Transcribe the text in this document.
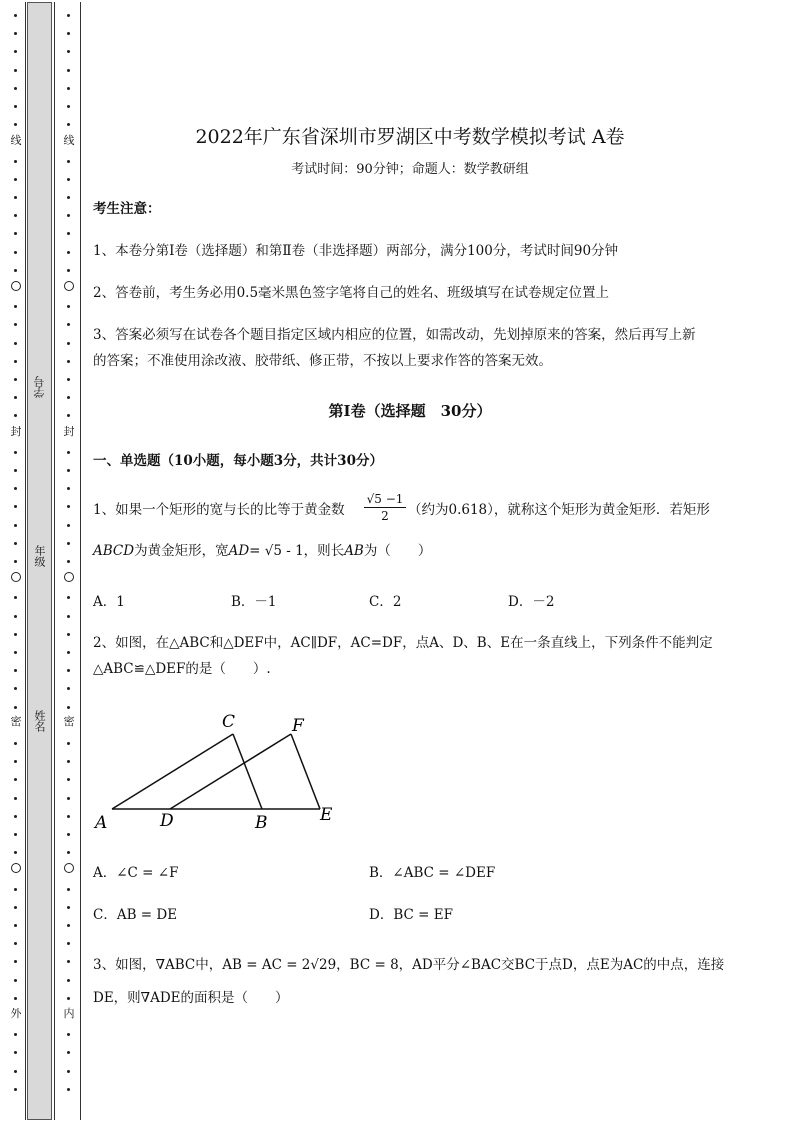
线
封
密
外
线
封
密
内
学号
年级
姓名
2022年广东省深圳市罗湖区中考数学模拟考试 A卷
考试时间：90分钟；命题人：数学教研组
考生注意：
1、本卷分第I卷（选择题）和第Ⅱ卷（非选择题）两部分，满分100分，考试时间90分钟
2、答卷前，考生务必用0.5毫米黑色签字笔将自己的姓名、班级填写在试卷规定位置上
3、答案必须写在试卷各个题目指定区域内相应的位置，如需改动，先划掉原来的答案，然后再写上新
的答案；不准使用涂改液、胶带纸、修正带，不按以上要求作答的答案无效。
第I卷（选择题　30分）
一、单选题（10小题，每小题3分，共计30分）
1、如果一个矩形的宽与长的比等于黄金数 $\frac{√5 -1}{2}$ （约为0.618），就称这个矩形为黄金矩形．若矩形
ABCD为黄金矩形，宽AD= √5 - 1，则长AB为（　　）
A．1	B．－1	C．2	D．－2
2、如图，在△ABC和△DEF中，AC∥DF，AC=DF，点A、D、B、E在一条直线上，下列条件不能判定
△ABC≌△DEF的是（　　）.
C	F
A	D	B	E
A．∠C = ∠F	B．∠ABC = ∠DEF
C．AB = DE	D．BC = EF
3、如图，∇ABC中，AB = AC = 2√29，BC = 8，AD平分∠BAC交BC于点D，点E为AC的中点，连接
DE，则∇ADE的面积是（　　）
